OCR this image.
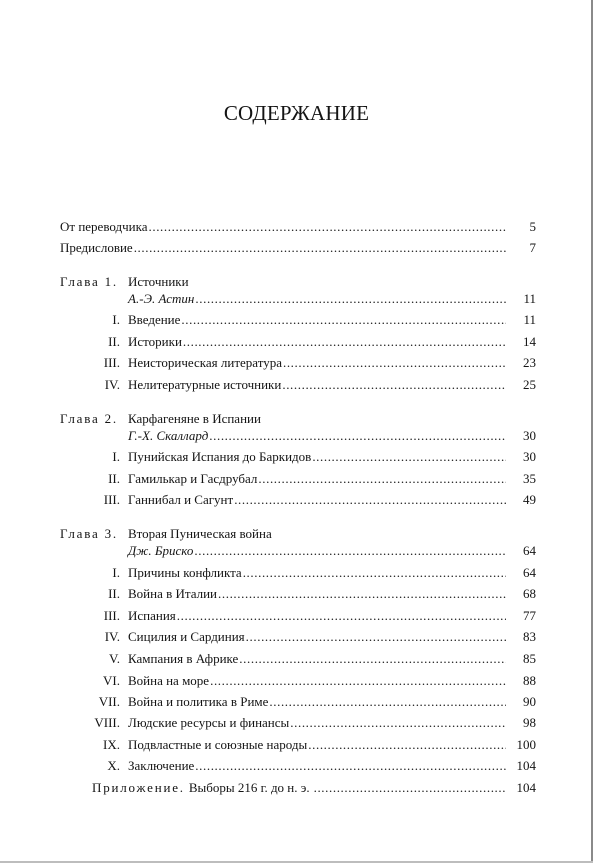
СОДЕРЖАНИЕ
От переводчика .....	5
Предисловие .....	7
Глава 1. Источники
А.-Э. Астин .....	11
I. Введение .....	11
II. Историки .....	14
III. Неисторическая литература .....	23
IV. Нелитературные источники .....	25
Глава 2. Карфагеняне в Испании
Г.-Х. Скаллард .....	30
I. Пунийская Испания до Баркидов .....	30
II. Гамилькар и Гасдрубал .....	35
III. Ганнибал и Сагунт .....	49
Глава 3. Вторая Пуническая война
Дж. Бриско .....	64
I. Причины конфликта .....	64
II. Война в Италии .....	68
III. Испания .....	77
IV. Сицилия и Сардиния .....	83
V. Кампания в Африке .....	85
VI. Война на море .....	88
VII. Война и политика в Риме .....	90
VIII. Людские ресурсы и финансы .....	98
IX. Подвластные и союзные народы .....	100
X. Заключение .....	104
Приложение. Выборы 216 г. до н. э. .....	104
